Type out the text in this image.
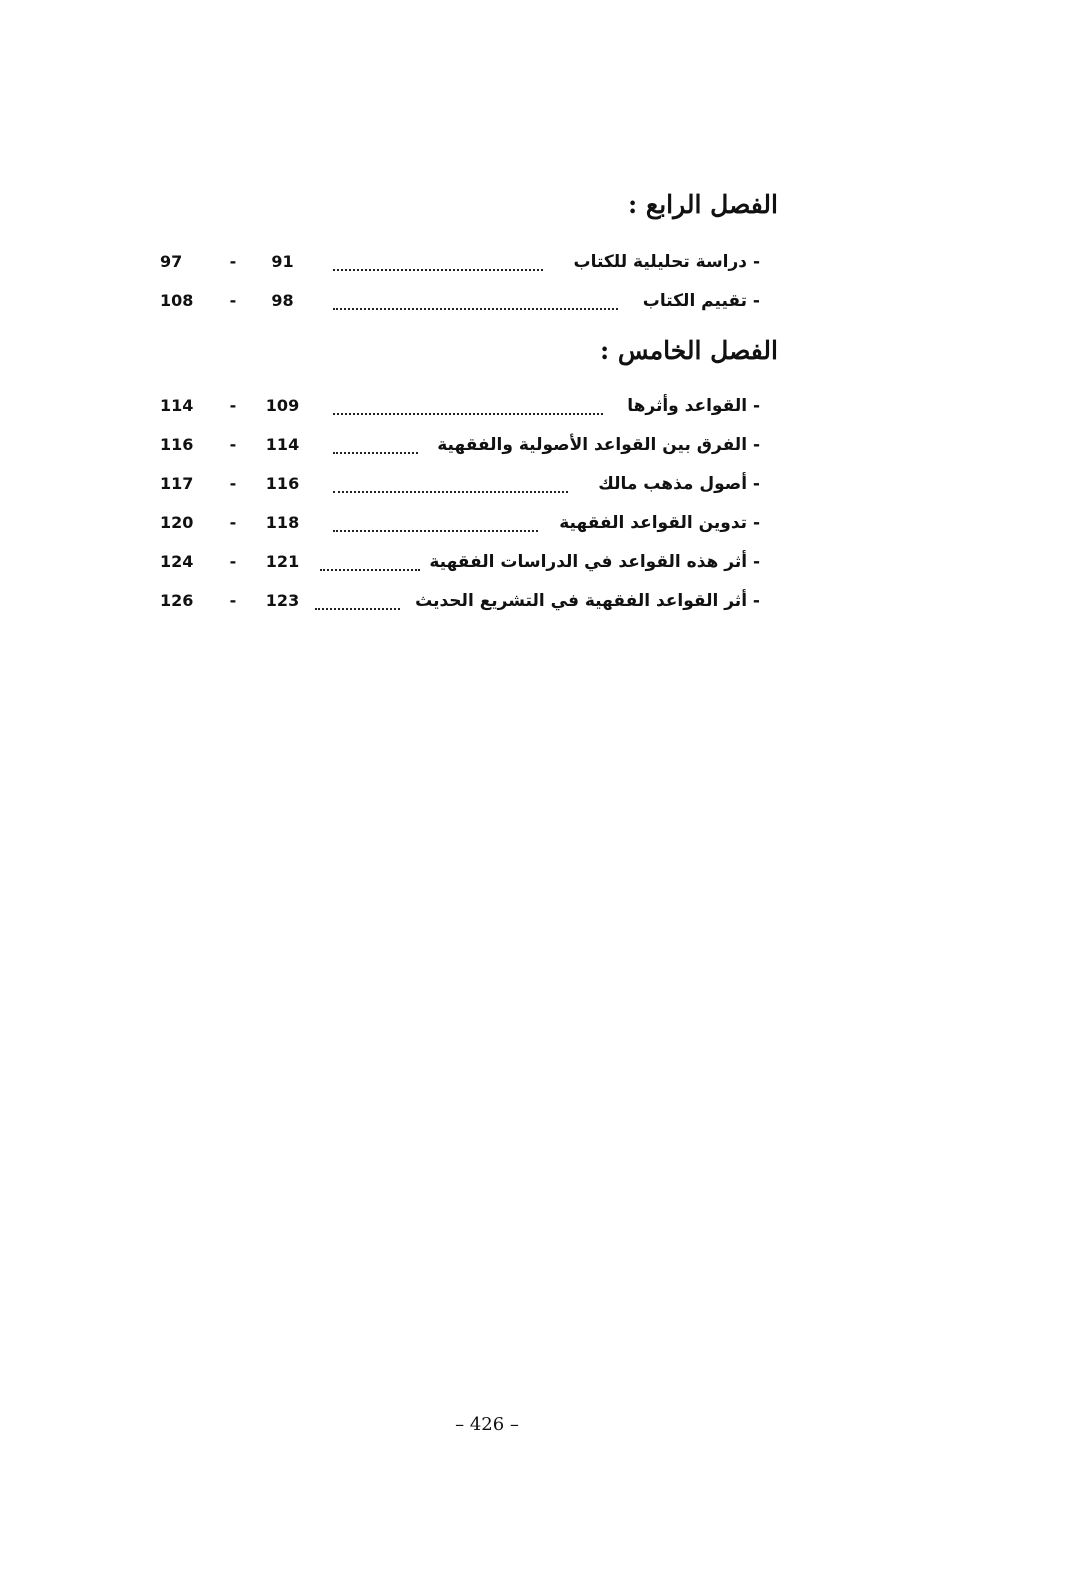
الفصل الرابع :
- دراسة تحليلية للكتاب
91
-
97
- تقييم الكتاب
98
-
108
الفصل الخامس :
- القواعد وأثرها
109
-
114
- الفرق بين القواعد الأصولية والفقهية
114
-
116
- أصول مذهب مالك
116
-
117
- تدوين القواعد الفقهية
118
-
120
- أثر هذه القواعد في الدراسات الفقهية
121
-
124
- أثر القواعد الفقهية في التشريع الحديث
123
-
126
– 426 –
